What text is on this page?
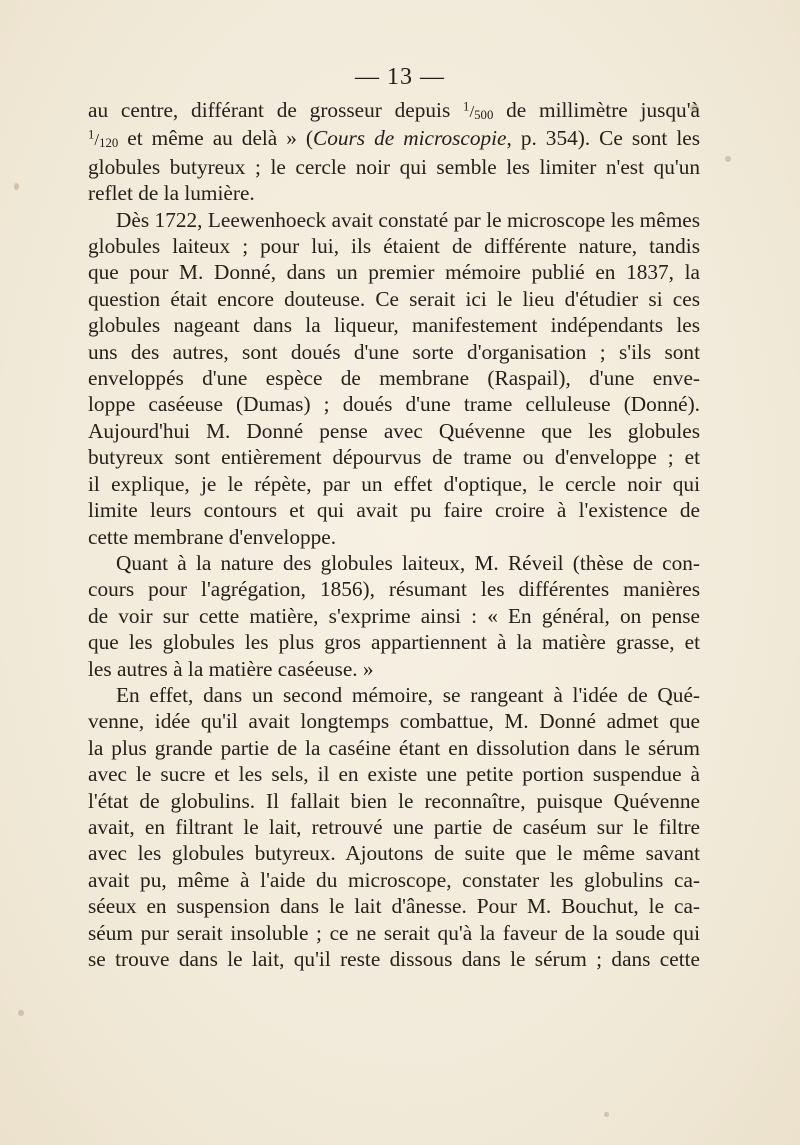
— 13 —
au centre, différant de grosseur depuis $^1/_{500}$ de millimètre jusqu'à
$^1/_{120}$ et même au delà » (Cours de microscopie, p. 354). Ce sont les
globules butyreux ; le cercle noir qui semble les limiter n'est qu'un
reflet de la lumière.
Dès 1722, Leewenhoeck avait constaté par le microscope les mêmes
globules laiteux ; pour lui, ils étaient de différente nature, tandis
que pour M. Donné, dans un premier mémoire publié en 1837, la
question était encore douteuse. Ce serait ici le lieu d'étudier si ces
globules nageant dans la liqueur, manifestement indépendants les
uns des autres, sont doués d'une sorte d'organisation ; s'ils sont
enveloppés d'une espèce de membrane (Raspail), d'une enve-
loppe caséeuse (Dumas) ; doués d'une trame celluleuse (Donné).
Aujourd'hui M. Donné pense avec Quévenne que les globules
butyreux sont entièrement dépourvus de trame ou d'enveloppe ; et
il explique, je le répète, par un effet d'optique, le cercle noir qui
limite leurs contours et qui avait pu faire croire à l'existence de
cette membrane d'enveloppe.
Quant à la nature des globules laiteux, M. Réveil (thèse de con-
cours pour l'agrégation, 1856), résumant les différentes manières
de voir sur cette matière, s'exprime ainsi : « En général, on pense
que les globules les plus gros appartiennent à la matière grasse, et
les autres à la matière caséeuse. »
En effet, dans un second mémoire, se rangeant à l'idée de Qué-
venne, idée qu'il avait longtemps combattue, M. Donné admet que
la plus grande partie de la caséine étant en dissolution dans le sérum
avec le sucre et les sels, il en existe une petite portion suspendue à
l'état de globulins. Il fallait bien le reconnaître, puisque Quévenne
avait, en filtrant le lait, retrouvé une partie de caséum sur le filtre
avec les globules butyreux. Ajoutons de suite que le même savant
avait pu, même à l'aide du microscope, constater les globulins ca-
séeux en suspension dans le lait d'ânesse. Pour M. Bouchut, le ca-
séum pur serait insoluble ; ce ne serait qu'à la faveur de la soude qui
se trouve dans le lait, qu'il reste dissous dans le sérum ; dans cette
